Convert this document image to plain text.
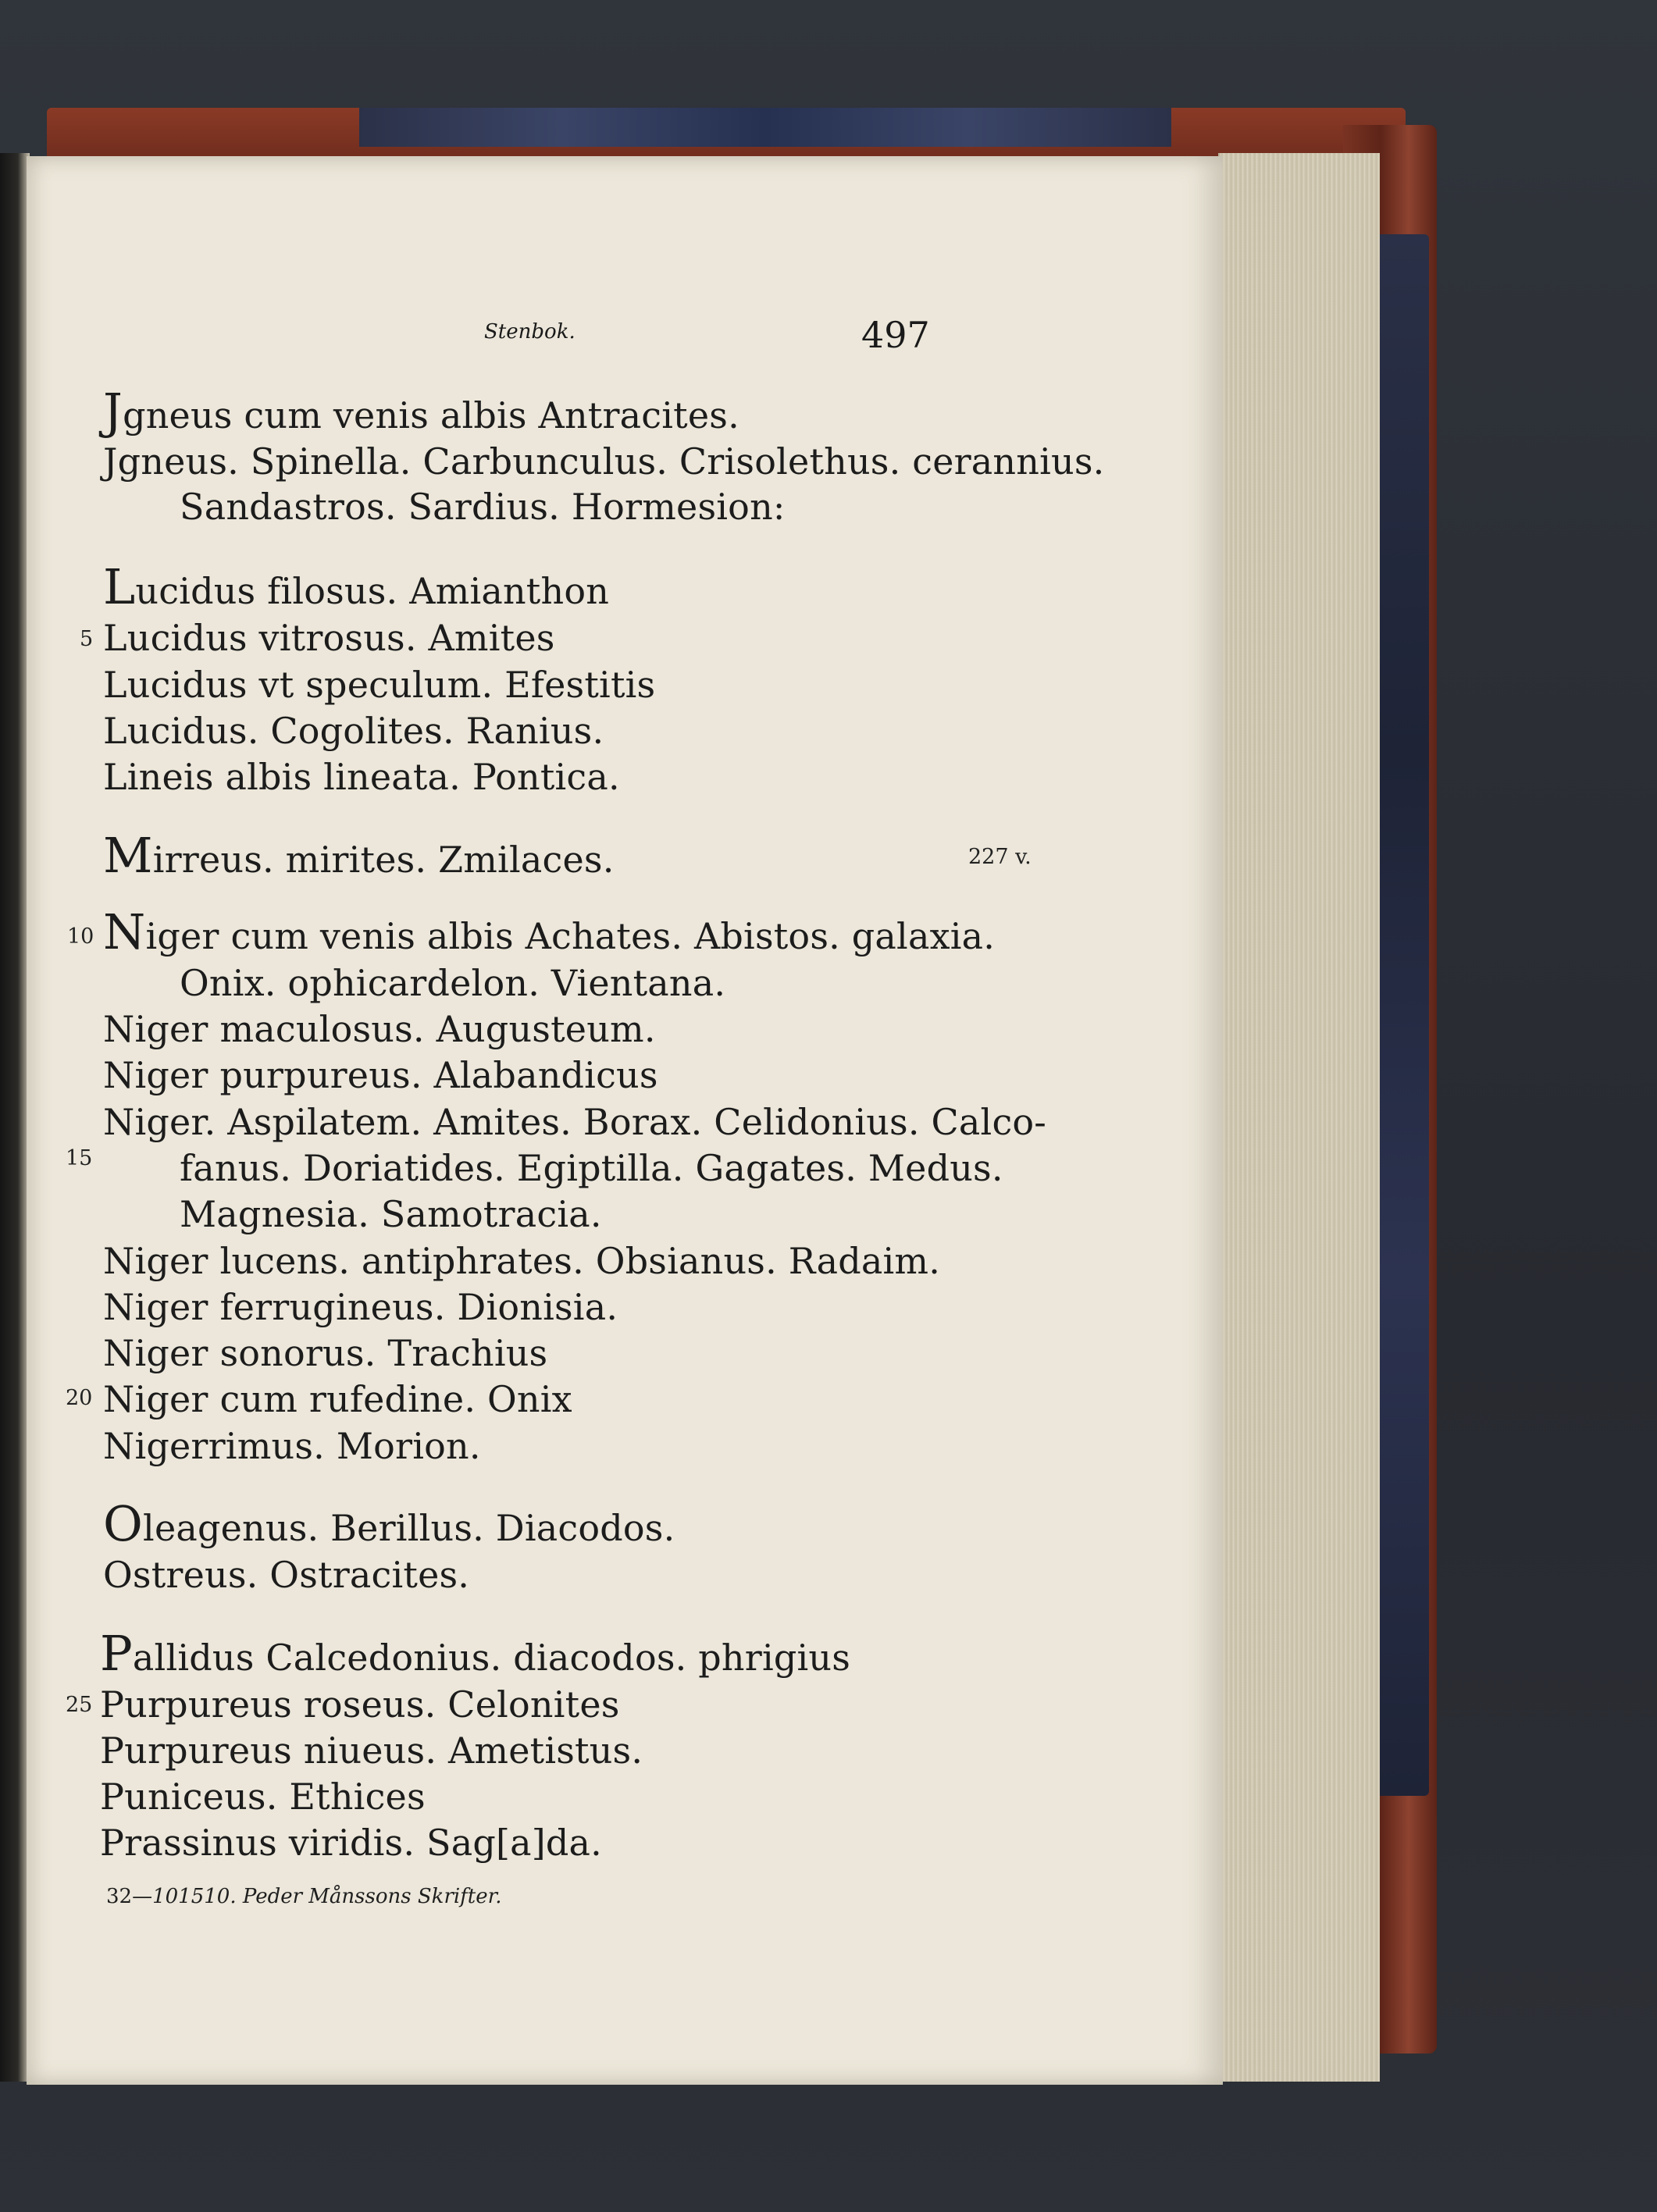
Stenbok.	497
Jgneus cum venis albis Antracites.
Jgneus. Spinella. Carbunculus. Crisolethus. cerannius.
Sandastros. Sardius. Hormesion:
Lucidus filosus. Amianthon
Lucidus vitrosus. Amites
Lucidus vt speculum. Efestitis
Lucidus. Cogolites. Ranius.
Lineis albis lineata. Pontica.
Mirreus. mirites. Zmilaces.
Niger cum venis albis Achates. Abistos. galaxia.
Onix. ophicardelon. Vientana.
Niger maculosus. Augusteum.
Niger purpureus. Alabandicus
Niger. Aspilatem. Amites. Borax. Celidonius. Calco-
fanus. Doriatides. Egiptilla. Gagates. Medus.
Magnesia. Samotracia.
Niger lucens. antiphrates. Obsianus. Radaim.
Niger ferrugineus. Dionisia.
Niger sonorus. Trachius
Niger cum rufedine. Onix
Nigerrimus. Morion.
Oleagenus. Berillus. Diacodos.
Ostreus. Ostracites.
Pallidus Calcedonius. diacodos. phrigius
Purpureus roseus. Celonites
Purpureus niueus. Ametistus.
Puniceus. Ethices
Prassinus viridis. Sag[a]da.
5
10
15
20
25
227 v.
32—101510. Peder Månssons Skrifter.
